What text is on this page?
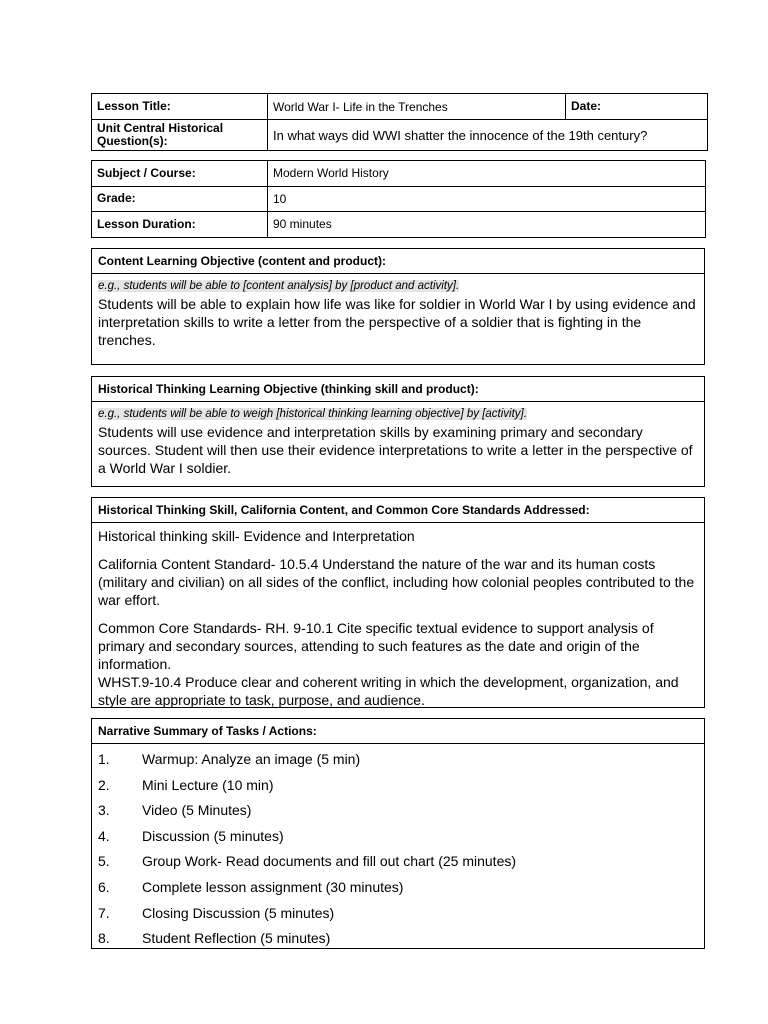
Lesson Title:	World War I- Life in the Trenches	Date:
Unit Central Historical Question(s):	In what ways did WWI shatter the innocence of the 19th century?	
Subject / Course:	Modern World History
Grade:	10
Lesson Duration:	90 minutes
Content Learning Objective (content and product):
e.g., students will be able to [content analysis] by [product and activity].

Students will be able to explain how life was like for soldier in World War I by using evidence and interpretation skills to write a letter from the perspective of a soldier that is fighting in the trenches.

Historical Thinking Learning Objective (thinking skill and product):
e.g., students will be able to weigh [historical thinking learning objective] by [activity].

Students will use evidence and interpretation skills by examining primary and secondary sources. Student will then use their evidence interpretations to write a letter in the perspective of a World War I soldier.

Historical Thinking Skill, California Content, and Common Core Standards Addressed:

Historical thinking skill- Evidence and Interpretation

California Content Standard- 10.5.4 Understand the nature of the war and its human costs (military and civilian) on all sides of the conflict, including how colonial peoples contributed to the war effort.

Common Core Standards- RH. 9-10.1 Cite specific textual evidence to support analysis of primary and secondary sources, attending to such features as the date and origin of the information.

WHST.9-10.4 Produce clear and coherent writing in which the development, organization, and style are appropriate to task, purpose, and audience.

Narrative Summary of Tasks / Actions:
1.	Warmup: Analyze an image (5 min)
2.	Mini Lecture (10 min)
3.	Video (5 Minutes)
4.	Discussion (5 minutes)
5.	Group Work- Read documents and fill out chart (25 minutes)
6.	Complete lesson assignment (30 minutes)
7.	Closing Discussion (5 minutes)
8.	Student Reflection (5 minutes)
